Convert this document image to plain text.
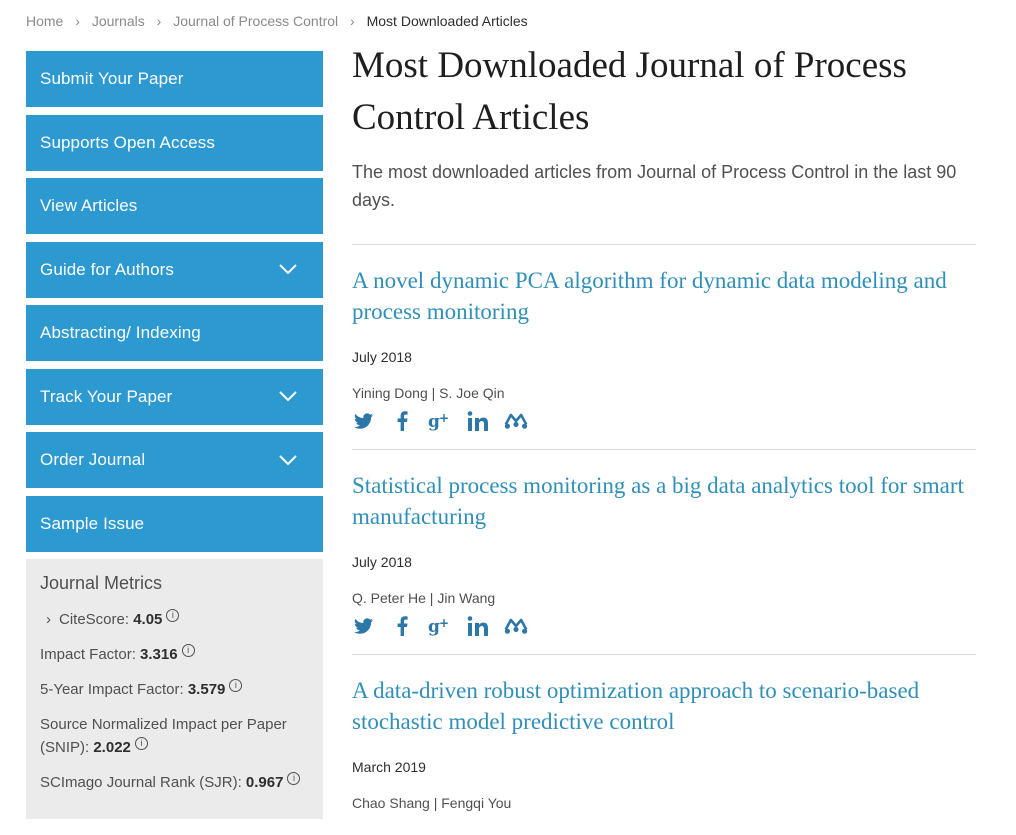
Home › Journals › Journal of Process Control › Most Downloaded Articles
Submit Your Paper
Supports Open Access
View Articles
Guide for Authors
Abstracting/ Indexing
Track Your Paper
Order Journal
Sample Issue
Journal Metrics
› CiteScore: 4.05 i
Impact Factor: 3.316 i
5-Year Impact Factor: 3.579 i
Source Normalized Impact per Paper (SNIP): 2.022 i
SCImago Journal Rank (SJR): 0.967 i
Most Downloaded Journal of Process Control Articles

The most downloaded articles from Journal of Process Control in the last 90 days.

A novel dynamic PCA algorithm for dynamic data modeling and process monitoring
July 2018
Yining Dong | S. Joe Qin
g +
Statistical process monitoring as a big data analytics tool for smart manufacturing
July 2018
Q. Peter He | Jin Wang
g +
A data-driven robust optimization approach to scenario-based stochastic model predictive control
March 2019
Chao Shang | Fengqi You
